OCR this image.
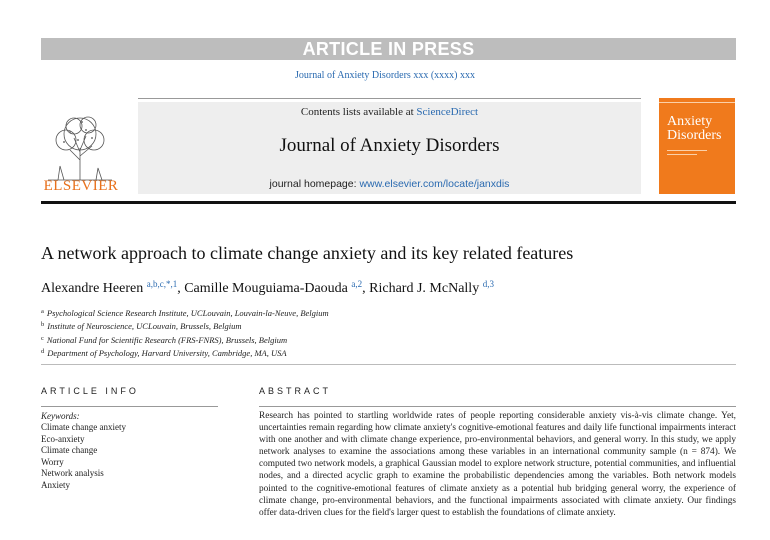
ARTICLE IN PRESS
Journal of Anxiety Disorders xxx (xxxx) xxx
ELSEVIER
Contents lists available at ScienceDirect
Journal of Anxiety Disorders
journal homepage: www.elsevier.com/locate/janxdis
Anxiety
Disorders
A network approach to climate change anxiety and its key related features
Alexandre Heeren $^{a,b,c,*,1}$, Camille Mouguiama-Daouda $^{a,2}$, Richard J. McNally $^{d,3}$
$^a$ Psychological Science Research Institute, UCLouvain, Louvain-la-Neuve, Belgium
$^b$ Institute of Neuroscience, UCLouvain, Brussels, Belgium
$^c$ National Fund for Scientific Research (FRS-FNRS), Brussels, Belgium
$^d$ Department of Psychology, Harvard University, Cambridge, MA, USA
ARTICLE INFO	ABSTRACT
Keywords:
Climate change anxiety
Eco-anxiety
Climate change
Worry
Network analysis
Anxiety

Research has pointed to startling worldwide rates of people reporting considerable anxiety vis-à-vis climate change. Yet, uncertainties remain regarding how climate anxiety's cognitive-emotional features and daily life functional impairments interact with one another and with climate change experience, pro-environmental behaviors, and general worry. In this study, we apply network analyses to examine the associations among these variables in an international community sample (n = 874). We computed two network models, a graphical Gaussian model to explore network structure, potential communities, and influential nodes, and a directed acyclic graph to examine the probabilistic dependencies among the variables. Both network models pointed to the cognitive-emotional features of climate anxiety as a potential hub bridging general worry, the experience of climate change, pro-environmental behaviors, and the functional impairments associated with climate anxiety. Our findings offer data-driven clues for the field's larger quest to establish the foundations of climate anxiety.
